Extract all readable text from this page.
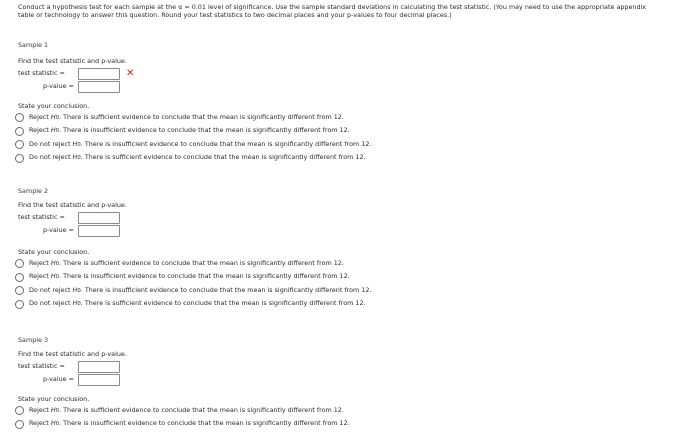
Conduct a hypothesis test for each sample at the α = 0.01 level of significance. Use the sample standard deviations in calculating the test statistic. (You may need to use the appropriate appendix
table or technology to answer this question. Round your test statistics to two decimal places and your p-values to four decimal places.)
Sample 1
Find the test statistic and p-value.
test statistic =	✕
p-value =
State your conclusion.
Reject H 0 . There is sufficient evidence to conclude that the mean is significantly different from 12.
Reject H 0 . There is insufficient evidence to conclude that the mean is significantly different from 12.
Do not reject H 0 . There is insufficient evidence to conclude that the mean is significantly different from 12.
Do not reject H 0 . There is sufficient evidence to conclude that the mean is significantly different from 12.
Sample 2
Find the test statistic and p-value.
test statistic =
p-value =
State your conclusion.
Reject H 0 . There is sufficient evidence to conclude that the mean is significantly different from 12.
Reject H 0 . There is insufficient evidence to conclude that the mean is significantly different from 12.
Do not reject H 0 . There is insufficient evidence to conclude that the mean is significantly different from 12.
Do not reject H 0 . There is sufficient evidence to conclude that the mean is significantly different from 12.
Sample 3
Find the test statistic and p-value.
test statistic =
p-value =
State your conclusion.
Reject H 0 . There is sufficient evidence to conclude that the mean is significantly different from 12.
Reject H 0 . There is insufficient evidence to conclude that the mean is significantly different from 12.
